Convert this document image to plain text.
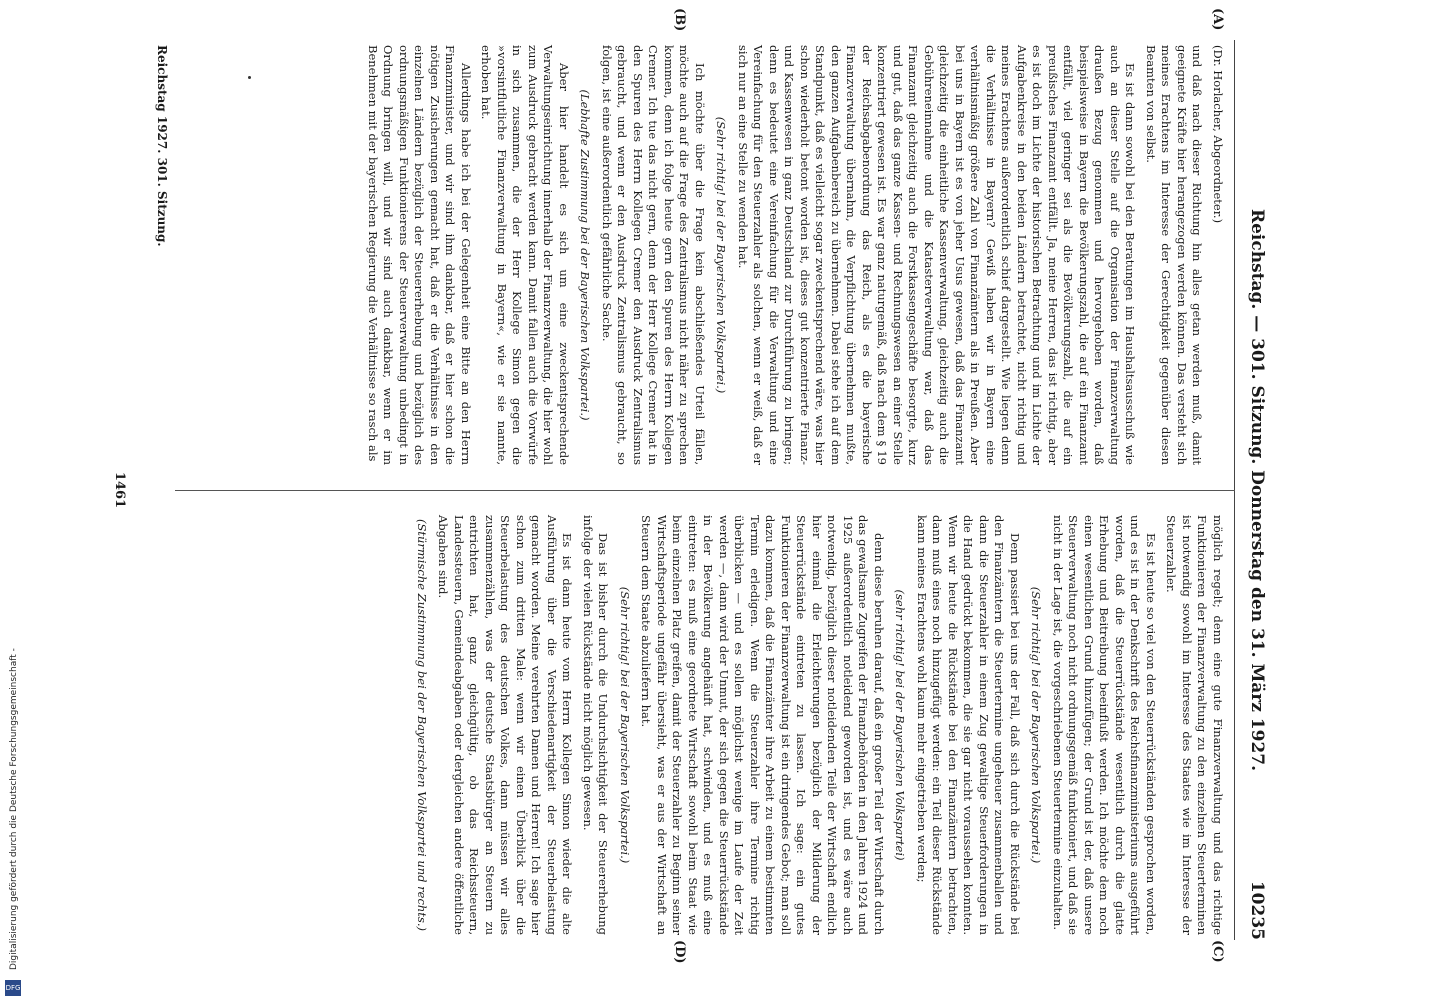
Reichstag. — 301. Sitzung. Donnerstag den 31. März 1927.
10235
(A)
(B)
(C)
(D)

(Dr. Horlacher, Abgeordneter.)

und daß nach dieser Richtung hin alles getan werden muß, damit geeignete Kräfte hier herangezogen werden können. Das versteht sich meines Erachtens im Interesse der Gerechtigkeit gegenüber diesen Beamten von selbst.

Es ist dann sowohl bei den Beratungen im Haushaltsausschuß wie auch an dieser Stelle auf die Organisation der Finanzverwaltung draußen Bezug genommen und hervorgehoben worden, daß beispielsweise in Bayern die Bevölkerungszahl, die auf ein Finanzamt entfällt, viel geringer sei als die Bevölkerungszahl, die auf ein preußisches Finanzamt entfällt. Ja, meine Herren, das ist richtig, aber es ist doch im Lichte der historischen Betrachtung und im Lichte der Aufgabenkreise in den beiden Ländern betrachtet, nicht richtig und meines Erachtens außerordentlich schief dargestellt. Wie liegen denn die Verhältnisse in Bayern? Gewiß haben wir in Bayern eine verhältnismäßig größere Zahl von Finanzämtern als in Preußen. Aber bei uns in Bayern ist es von jeher Usus gewesen, daß das Finanzamt gleichzeitig die einheitliche Kassenverwaltung, gleichzeitig auch die Gebühreneinnahme und die Katasterverwaltung war, daß das Finanzamt gleichzeitig auch die Forstkassengeschäfte besorgte, kurz und gut, daß das ganze Kassen- und Rechnungswesen an einer Stelle konzentriert gewesen ist. Es war ganz naturgemäß, daß nach dem § 19 der Reichsabgabenordnung das Reich, als es die bayerische Finanzverwaltung übernahm, die Verpflichtung übernehmen mußte, den ganzen Aufgabenbereich zu übernehmen. Dabei stehe ich auf dem Standpunkt, daß es vielleicht sogar zweckentsprechend wäre, was hier schon wiederholt betont worden ist, dieses gut konzentrierte Finanz- und Kassenwesen in ganz Deutschland zur Durchführung zu bringen; denn es bedeutet eine Vereinfachung für die Verwaltung und eine Vereinfachung für den Steuerzahler als solchen, wenn er weiß, daß er sich nur an eine Stelle zu wenden hat.

(Sehr richtig! bei der Bayerischen Volkspartei.)

Ich möchte über die Frage kein abschließendes Urteil fällen, möchte auch auf die Frage des Zentralismus nicht näher zu sprechen kommen, denn ich folge heute gern den Spuren des Herrn Kollegen Cremer. Ich tue das nicht gern, denn der Herr Kollege Cremer hat in den Spuren des Herrn Kollegen Cremer den Ausdruck Zentralismus gebraucht, und wenn er den Ausdruck Zentralismus gebraucht, so folgen, ist eine außerordentlich gefährliche Sache.

(Lebhafte Zustimmung bei der Bayerischen Volkspartei.)

Aber hier handelt es sich um eine zweckentsprechende Verwaltungseinrichtung innerhalb der Finanzverwaltung, die hier wohl zum Ausdruck gebracht werden kann. Damit fallen auch die Vorwürfe in sich zusammen, die der Herr Kollege Simon gegen die »vorsintflutliche Finanzverwaltung in Bayern«, wie er sie nannte, erhoben hat.

Allerdings habe ich bei der Gelegenheit eine Bitte an den Herrn Finanzminister, und wir sind ihm dankbar, daß er hier schon die nötigen Zusicherungen gemacht hat, daß er die Verhältnisse in den einzelnen Ländern bezüglich der Steuererhebung und bezüglich des ordnungsmäßigen Funktionierens der Steuerverwaltung unbedingt in Ordnung bringen will, und wir sind auch dankbar, wenn er im Benehmen mit der bayerischen Regierung die Verhältnisse so rasch als

möglich regelt; denn eine gute Finanzverwaltung und das richtige Funktionieren der Finanzverwaltung zu den einzelnen Steuerterminen ist notwendig sowohl im Interesse des Staates wie im Interesse der Steuerzahler.

Es ist heute so viel von den Steuerrückständen gesprochen worden, und es ist in der Denkschrift des Reichsfinanzministeriums ausgeführt worden, daß die Steuerrückstände wesentlich durch die glatte Erhebung und Beitreibung beeinflußt werden. Ich möchte dem noch einen wesentlichen Grund hinzufügen; der Grund ist der, daß unsere Steuerverwaltung noch nicht ordnungsgemäß funktioniert, und daß sie nicht in der Lage ist, die vorgeschriebenen Steuertermine einzuhalten.

(Sehr richtig! bei der Bayerischen Volkspartei.)

Denn passiert bei uns der Fall, daß sich durch die Rückstände bei den Finanzämtern die Steuertermine ungeheuer zusammenballen und dann die Steuerzahler in einem Zug gewaltige Steuerforderungen in die Hand gedrückt bekommen, die sie gar nicht voraussehen konnten. Wenn wir heute die Rückstände bei den Finanzämtern betrachten, dann muß eines noch hinzugefügt werden: ein Teil dieser Rückstände kann meines Erachtens wohl kaum mehr eingetrieben werden;

(sehr richtig! bei der Bayerischen Volkspartei)

denn diese beruhen darauf, daß ein großer Teil der Wirtschaft durch das gewaltsame Zugreifen der Finanzbehörden in den Jahren 1924 und 1925 außerordentlich notleidend geworden ist, und es wäre auch notwendig, bezüglich dieser notleidenden Teile der Wirtschaft endlich hier einmal die Erleichterungen bezüglich der Milderung der Steuerrückstände eintreten zu lassen. Ich sage: ein gutes Funktionieren der Finanzverwaltung ist ein dringendes Gebot; man soll dazu kommen, daß die Finanzämter ihre Arbeit zu einem bestimmten Termin erledigen. Wenn die Steuerzahler ihre Termine richtig überblicken — und es sollen möglichst wenige im Laufe der Zeit werden —, dann wird der Unmut, der sich gegen die Steuerrückstände in der Bevölkerung angehäuft hat, schwinden, und es muß eine eintreten: es muß eine geordnete Wirtschaft sowohl beim Staat wie beim einzelnen Platz greifen, damit der Steuerzahler zu Beginn seiner Wirtschaftsperiode ungefähr übersieht, was er aus der Wirtschaft an Steuern dem Staate abzuliefern hat.

(Sehr richtig! bei der Bayerischen Volkspartei.)

Das ist bisher durch die Undurchsichtigkeit der Steuererhebung infolge der vielen Rückstände nicht möglich gewesen.

Es ist dann heute vom Herrn Kollegen Simon wieder die alte Ausführung über die Verschiedenartigkeit der Steuerbelastung gemacht worden. Meine verehrten Damen und Herren! Ich sage hier schon zum dritten Male: wenn wir einen Überblick über die Steuerbelastung des deutschen Volkes, dann müssen wir alles zusammenzählen, was der deutsche Staatsbürger an Steuern zu entrichten hat, ganz gleichgültig, ob das Reichssteuern, Landessteuern, Gemeindeabgaben oder dergleichen andere öffentliche Abgaben sind.

(Stürmische Zustimmung bei der Bayerischen Volkspartei und rechts.)

Reichstag 1927. 301. Sitzung.
1461
Digitalisierung gefördert durch die Deutsche Forschungsgemeinschaft -
DFG
